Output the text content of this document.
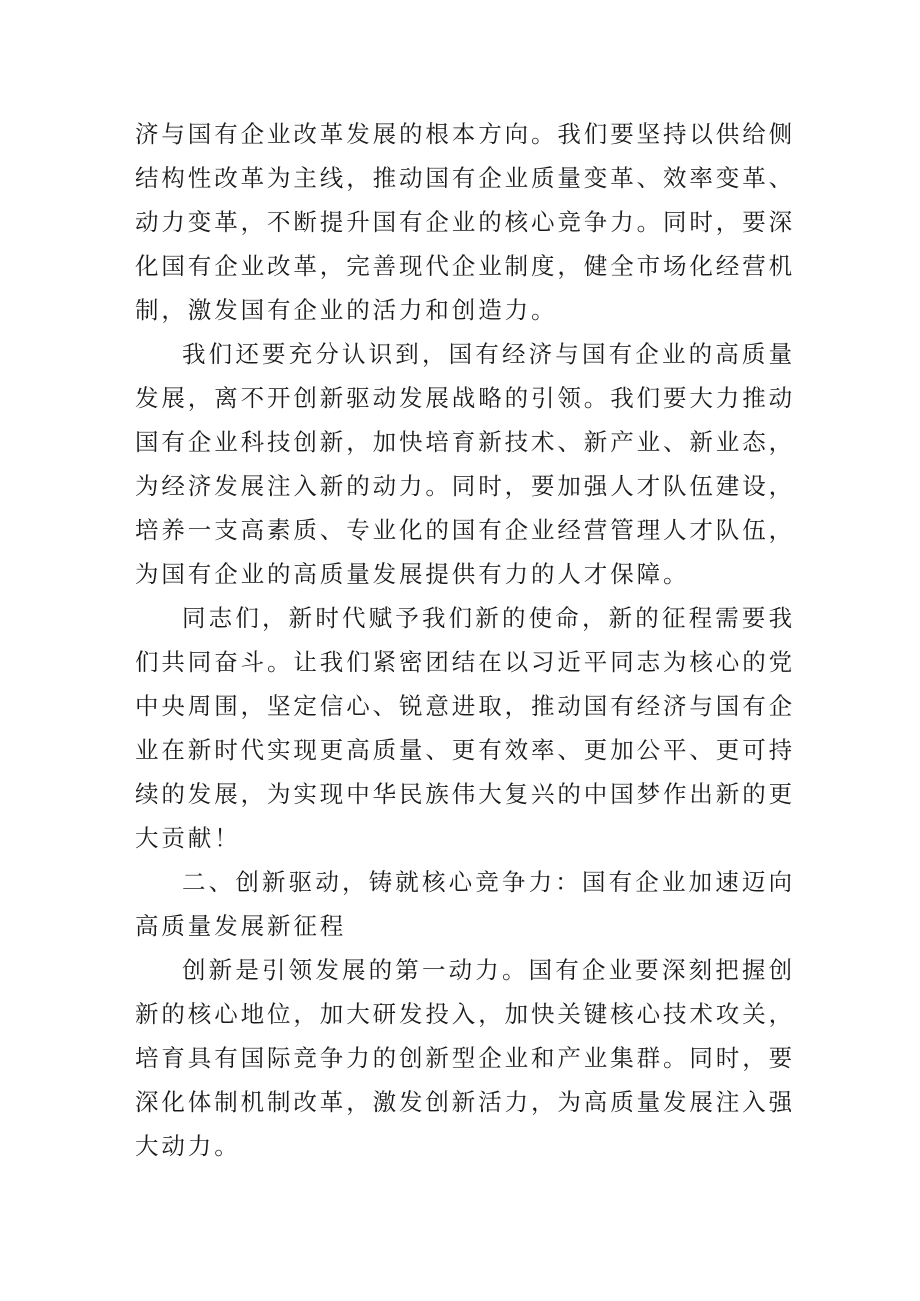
济与国有企业改革发展的根本方向。我们要坚持以供给侧结构性改革为主线，推动国有企业质量变革、效率变革、动力变革，不断提升国有企业的核心竞争力。同时，要深化国有企业改革，完善现代企业制度，健全市场化经营机制，激发国有企业的活力和创造力。

我们还要充分认识到，国有经济与国有企业的高质量发展，离不开创新驱动发展战略的引领。我们要大力推动国有企业科技创新，加快培育新技术、新产业、新业态，为经济发展注入新的动力。同时，要加强人才队伍建设，培养一支高素质、专业化的国有企业经营管理人才队伍，为国有企业的高质量发展提供有力的人才保障。

同志们，新时代赋予我们新的使命，新的征程需要我们共同奋斗。让我们紧密团结在以习近平同志为核心的党中央周围，坚定信心、锐意进取，推动国有经济与国有企业在新时代实现更高质量、更有效率、更加公平、更可持续的发展，为实现中华民族伟大复兴的中国梦作出新的更大贡献！

二、创新驱动，铸就核心竞争力：国有企业加速迈向高质量发展新征程

创新是引领发展的第一动力。国有企业要深刻把握创新的核心地位，加大研发投入，加快关键核心技术攻关，培育具有国际竞争力的创新型企业和产业集群。同时，要深化体制机制改革，激发创新活力，为高质量发展注入强大动力。
